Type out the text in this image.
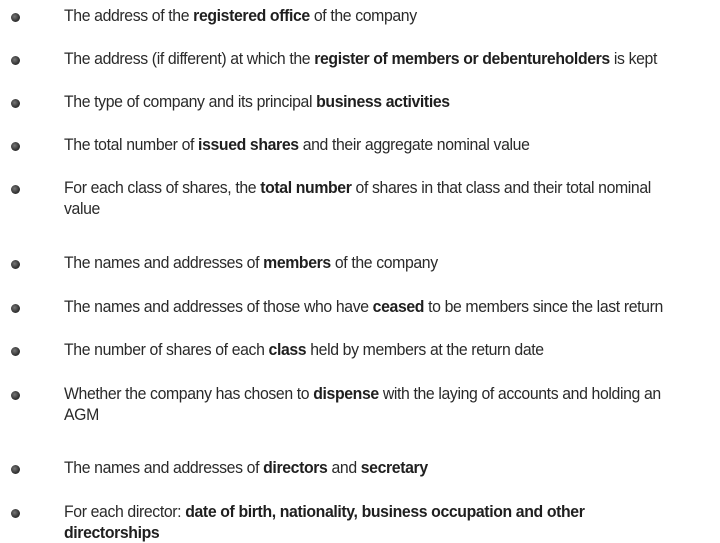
The address of the registered office of the company
The address (if different) at which the register of members or debentureholders is kept
The type of company and its principal business activities
The total number of issued shares and their aggregate nominal value
For each class of shares, the total number of shares in that class and their total nominal value
The names and addresses of members of the company
The names and addresses of those who have ceased to be members since the last return
The number of shares of each class held by members at the return date
Whether the company has chosen to dispense with the laying of accounts and holding an AGM
The names and addresses of directors and secretary
For each director: date of birth, nationality, business occupation and other directorships
